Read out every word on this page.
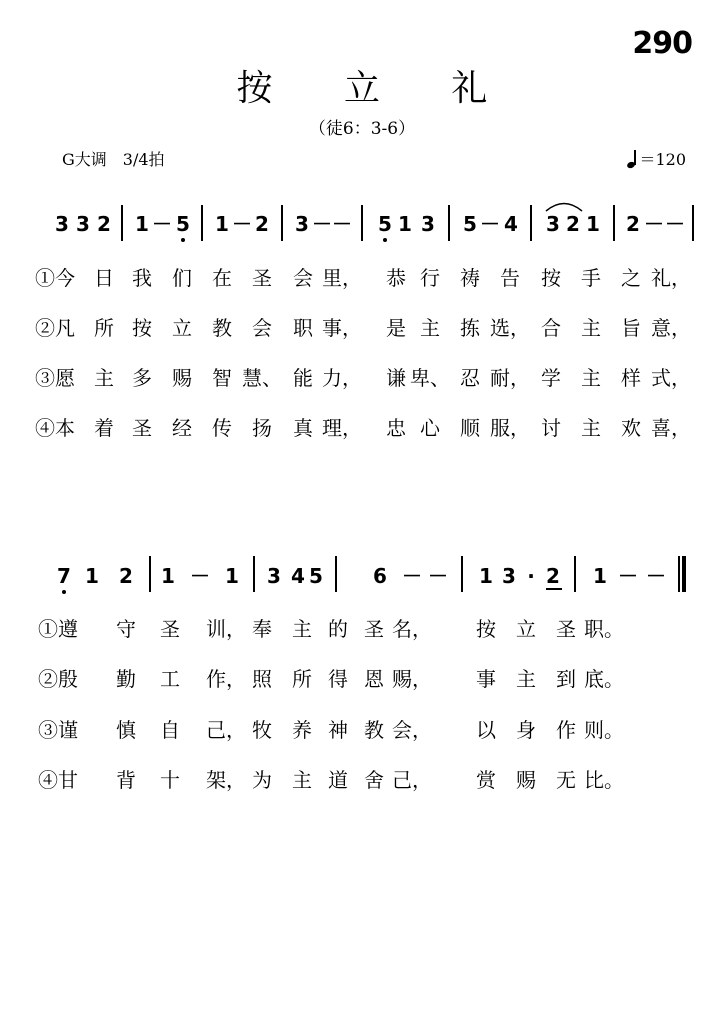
290
按 立 礼
（徒6：3-6）
G大调　3/4拍	＝120
3 3 2 1 － 5 1 － 2 3 － － 5 1 3 5 － 4 3 2 1 2 － －
7 1 2 1 － 1 3 4 5	6 － － 1 3 · 2 1 － －
①今 日 我 们 在 圣 会 里， 恭 行 祷 告 按 手 之 礼，
②凡 所 按 立 教 会 职 事， 是 主 拣 选， 合 主 旨 意，
③愿 主 多 赐 智 慧、 能 力， 谦 卑、 忍 耐， 学 主 样 式，
④本 着 圣 经 传 扬 真 理， 忠 心 顺 服， 讨 主 欢 喜，
①遵 守 圣 训， 奉 主 的 圣 名， 按 立 圣 职。
②殷 勤 工 作， 照 所 得 恩 赐， 事 主 到 底。
③谨 慎 自 己， 牧 养 神 教 会， 以 身 作 则。
④甘 背 十 架， 为 主 道 舍 己， 赏 赐 无 比。
